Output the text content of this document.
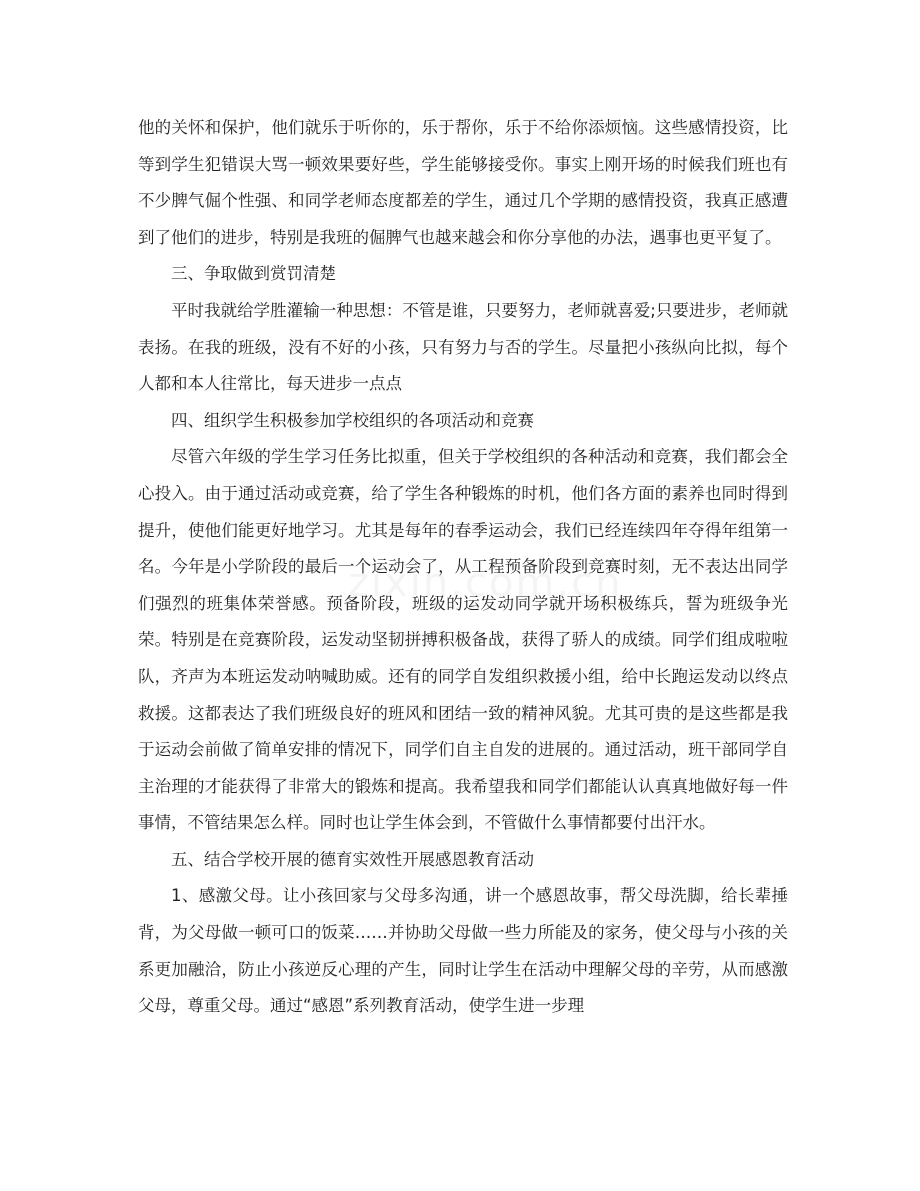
他的关怀和保护，他们就乐于听你的，乐于帮你，乐于不给你添烦恼。这些感情投资，比等到学生犯错误大骂一顿效果要好些，学生能够接受你。事实上刚开场的时候我们班也有不少脾气倔个性强、和同学老师态度都差的学生，通过几个学期的感情投资，我真正感遭到了他们的进步，特别是我班的倔脾气也越来越会和你分享他的办法，遇事也更平复了。

三、争取做到赏罚清楚

平时我就给学胜灌输一种思想：不管是谁，只要努力，老师就喜爱;只要进步，老师就表扬。在我的班级，没有不好的小孩，只有努力与否的学生。尽量把小孩纵向比拟，每个人都和本人往常比，每天进步一点点

四、组织学生积极参加学校组织的各项活动和竞赛

尽管六年级的学生学习任务比拟重，但关于学校组织的各种活动和竞赛，我们都会全心投入。由于通过活动或竞赛，给了学生各种锻炼的时机，他们各方面的素养也同时得到提升，使他们能更好地学习。尤其是每年的春季运动会，我们已经连续四年夺得年组第一名。今年是小学阶段的最后一个运动会了，从工程预备阶段到竞赛时刻，无不表达出同学们强烈的班集体荣誉感。预备阶段，班级的运发动同学就开场积极练兵，誓为班级争光荣。特别是在竞赛阶段，运发动坚韧拼搏积极备战，获得了骄人的成绩。同学们组成啦啦队，齐声为本班运发动呐喊助威。还有的同学自发组织救援小组，给中长跑运发动以终点救援。这都表达了我们班级良好的班风和团结一致的精神风貌。尤其可贵的是这些都是我于运动会前做了简单安排的情况下，同学们自主自发的进展的。通过活动，班干部同学自主治理的才能获得了非常大的锻炼和提高。我希望我和同学们都能认认真真地做好每一件事情，不管结果怎么样。同时也让学生体会到，不管做什么事情都要付出汗水。

五、结合学校开展的德育实效性开展感恩教育活动

1、感激父母。让小孩回家与父母多沟通，讲一个感恩故事，帮父母洗脚，给长辈捶背，为父母做一顿可口的饭菜……并协助父母做一些力所能及的家务，使父母与小孩的关系更加融洽，防止小孩逆反心理的产生，同时让学生在活动中理解父母的辛劳，从而感激父母，尊重父母。通过“感恩”系列教育活动，使学生进一步理
